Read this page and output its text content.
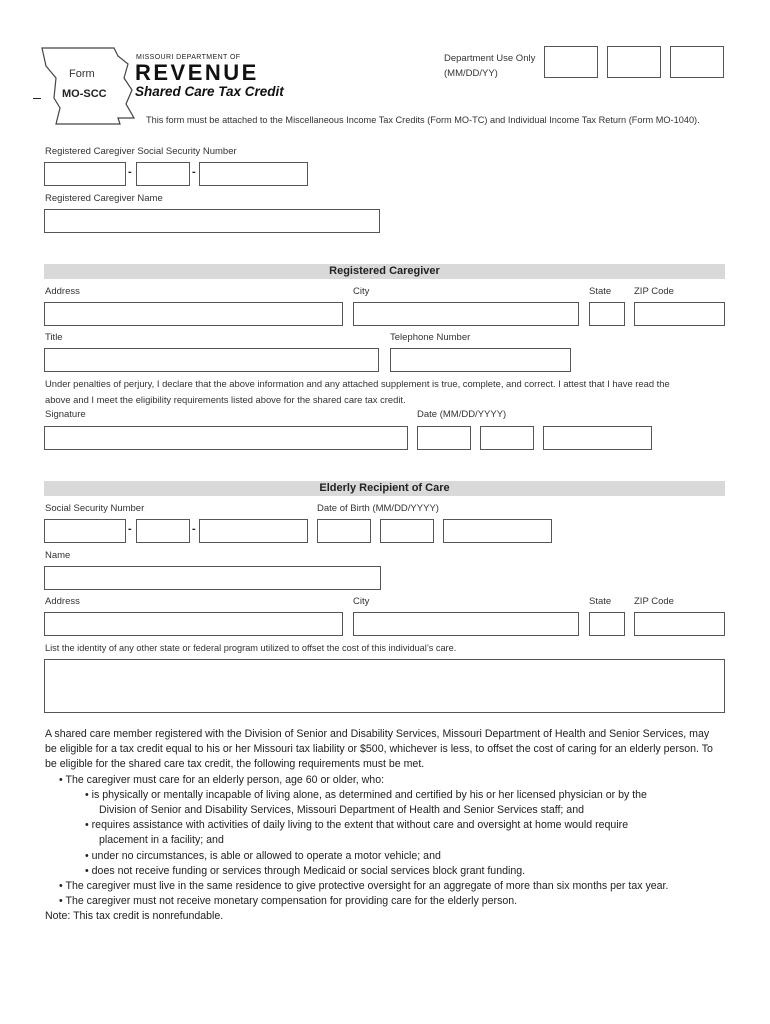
Form
MO-SCC
MISSOURI DEPARTMENT OF
REVENUE
Shared Care Tax Credit
Department Use Only
(MM/DD/YY)
This form must be attached to the Miscellaneous Income Tax Credits (Form MO-TC) and Individual Income Tax Return (Form MO-1040).
Registered Caregiver Social Security Number
-	-
Registered Caregiver Name
Registered Caregiver
Address	City	State ZIP Code
Title	Telephone Number
Under penalties of perjury, I declare that the above information and any attached supplement is true, complete, and correct. I attest that I have read the
above and I meet the eligibility requirements listed above for the shared care tax credit.
Signature	Date (MM/DD/YYYY)
Elderly Recipient of Care
Social Security Number	Date of Birth (MM/DD/YYYY)
-	-
Name
Address	City	State ZIP Code
List the identity of any other state or federal program utilized to offset the cost of this individual’s care.

A shared care member registered with the Division of Senior and Disability Services, Missouri Department of Health and Senior Services, may be eligible for a tax credit equal to his or her Missouri tax liability or $500, whichever is less, to offset the cost of caring for an elderly person. To be eligible for the shared care tax credit, the following requirements must be met.

• The caregiver must care for an elderly person, age 60 or older, who:

• is physically or mentally incapable of living alone, as determined and certified by his or her licensed physician or by the

Division of Senior and Disability Services, Missouri Department of Health and Senior Services staff; and

• requires assistance with activities of daily living to the extent that without care and oversight at home would require

placement in a facility; and

• under no circumstances, is able or allowed to operate a motor vehicle; and

• does not receive funding or services through Medicaid or social services block grant funding.

• The caregiver must live in the same residence to give protective oversight for an aggregate of more than six months per tax year.

• The caregiver must not receive monetary compensation for providing care for the elderly person.

Note: This tax credit is nonrefundable.
